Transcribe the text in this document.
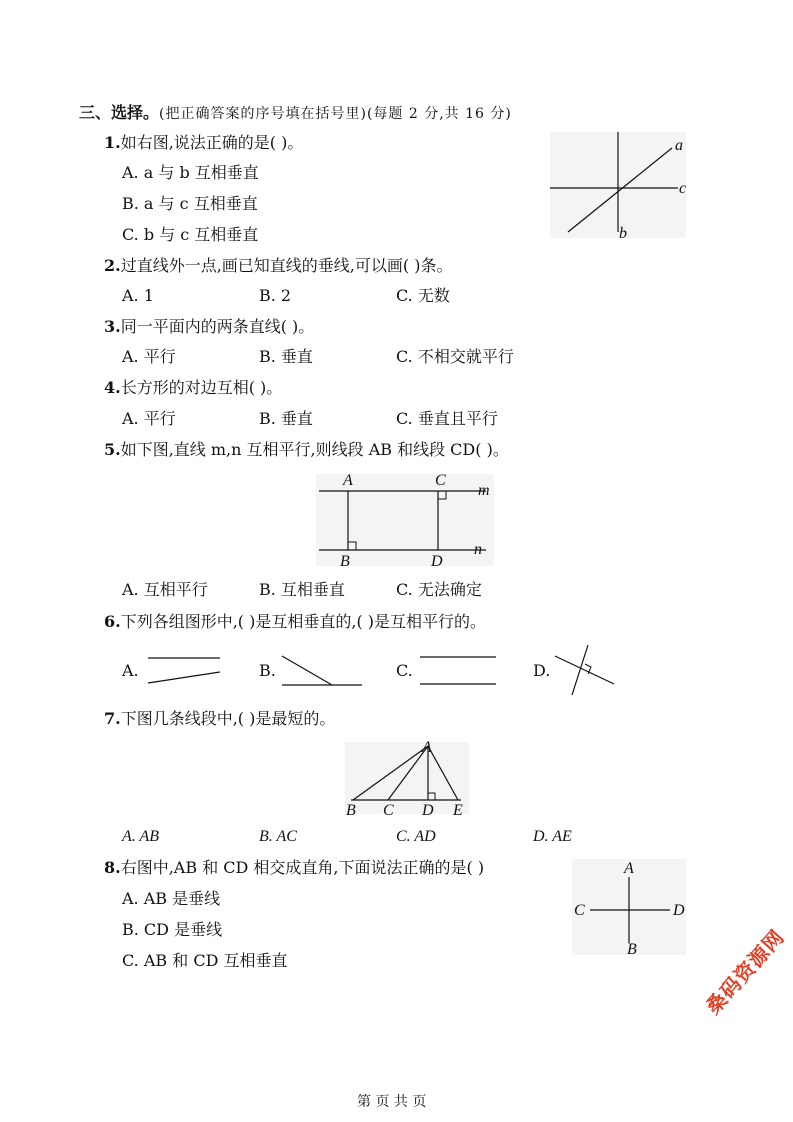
三、选择。(把正确答案的序号填在括号里)(每题 2 分,共 16 分)
1.如右图,说法正确的是( )。
A. a 与 b 互相垂直
B. a 与 c 互相垂直
C. b 与 c 互相垂直
a
c
b
2.过直线外一点,画已知直线的垂线,可以画( )条。
A. 1	B. 2	C. 无数
3.同一平面内的两条直线( )。
A. 平行	B. 垂直	C. 不相交就平行
4.长方形的对边互相( )。
A. 平行	B. 垂直	C. 垂直且平行
5.如下图,直线 m,n 互相平行,则线段 AB 和线段 CD( )。
A	C
m
B	D
n
A. 互相平行	B. 互相垂直	C. 无法确定
6.下列各组图形中,( )是互相垂直的,( )是互相平行的。
A.	B.	C.	D.
7.下图几条线段中,( )是最短的。
A
B C D E
A. AB	B. AC	C. AD	D. AE
8.右图中,AB 和 CD 相交成直角,下面说法正确的是( )
A. AB 是垂线
B. CD 是垂线
C. AB 和 CD 互相垂直
A
C	D
B	桑码资源网
第 页 共 页
